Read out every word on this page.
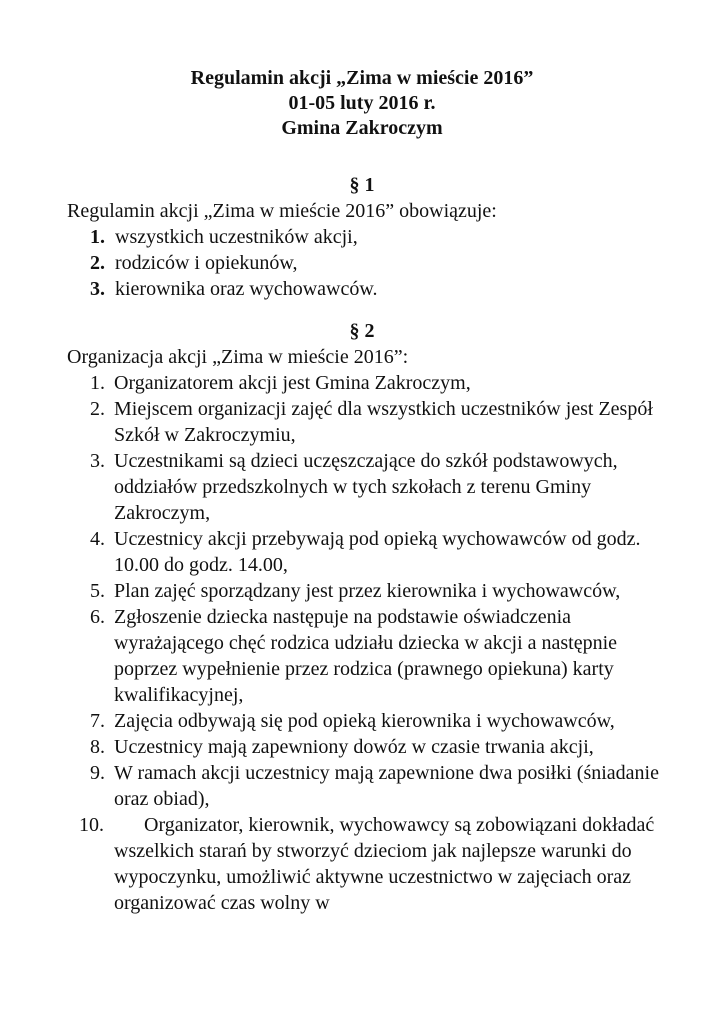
Regulamin akcji „Zima w mieście 2016”
01-05 luty 2016 r.
Gmina Zakroczym
§ 1
Regulamin akcji „Zima w mieście 2016” obowiązuje:
1. wszystkich uczestników akcji,
2. rodziców i opiekunów,
3. kierownika oraz wychowawców.
§ 2
Organizacja akcji „Zima w mieście 2016”:
1. Organizatorem akcji jest Gmina Zakroczym,
2. Miejscem organizacji zajęć dla wszystkich uczestników jest Zespół Szkół w Zakroczymiu,
3. Uczestnikami są dzieci uczęszczające do szkół podstawowych, oddziałów przedszkolnych w tych szkołach z terenu Gminy Zakroczym,
4. Uczestnicy akcji przebywają pod opieką wychowawców od godz. 10.00 do godz. 14.00,
5. Plan zajęć sporządzany jest przez kierownika i wychowawców,
6. Zgłoszenie dziecka następuje na podstawie oświadczenia wyrażającego chęć rodzica udziału dziecka w akcji a następnie poprzez wypełnienie przez rodzica (prawnego opiekuna) karty kwalifikacyjnej,
7. Zajęcia odbywają się pod opieką kierownika i wychowawców,
8. Uczestnicy mają zapewniony dowóz w czasie trwania akcji,
9. W ramach akcji uczestnicy mają zapewnione dwa posiłki (śniadanie oraz obiad),
10. Organizator, kierownik, wychowawcy są zobowiązani dokładać wszelkich starań by stworzyć dzieciom jak najlepsze warunki do wypoczynku, umożliwić aktywne uczestnictwo w zajęciach oraz organizować czas wolny w
